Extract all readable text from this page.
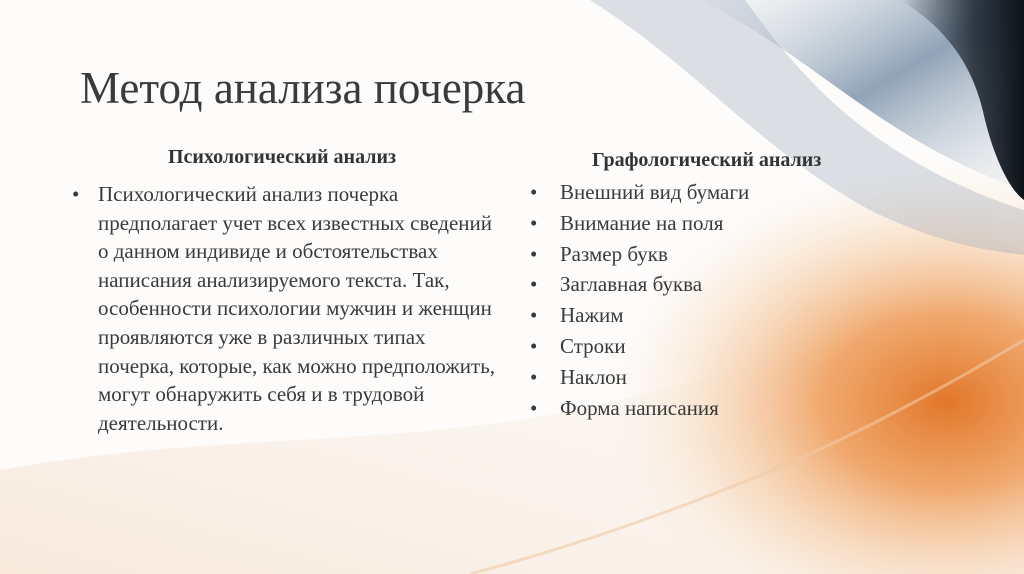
Метод анализа почерка
Психологический анализ
• Психологический анализ почерка предполагает учет всех известных сведений о данном индивиде и обстоятельствах написания анализируемого текста. Так, особенности психологии мужчин и женщин проявляются уже в различных типах почерка, которые, как можно предположить, могут обнаружить себя и в трудовой деятельности.
Графологический анализ
• Внешний вид бумаги
• Внимание на поля
• Размер букв
• Заглавная буква
• Нажим
• Строки
• Наклон
• Форма написания
